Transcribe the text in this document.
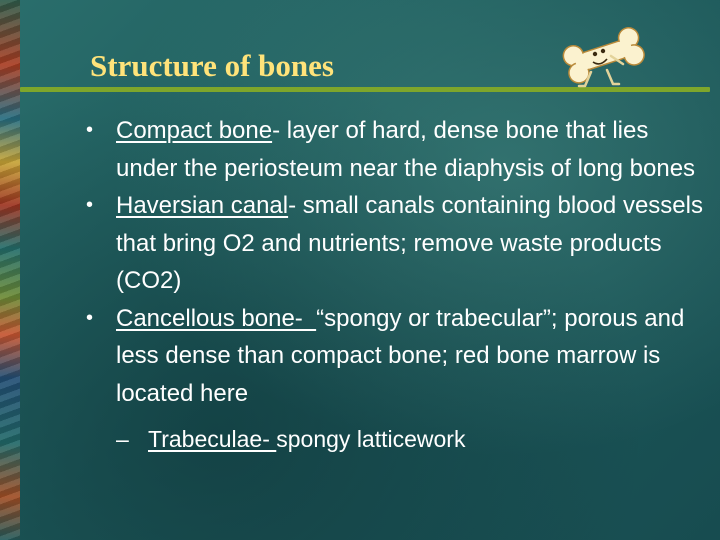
Structure of bones
• Compact bone- layer of hard, dense bone that lies under the periosteum near the diaphysis of long bones
• Haversian canal- small canals containing blood vessels that bring O2 and nutrients; remove waste products (CO2)
• Cancellous bone-  “spongy or trabecular”; porous and less dense than compact bone; red bone marrow is located here
– Trabeculae- spongy latticework
